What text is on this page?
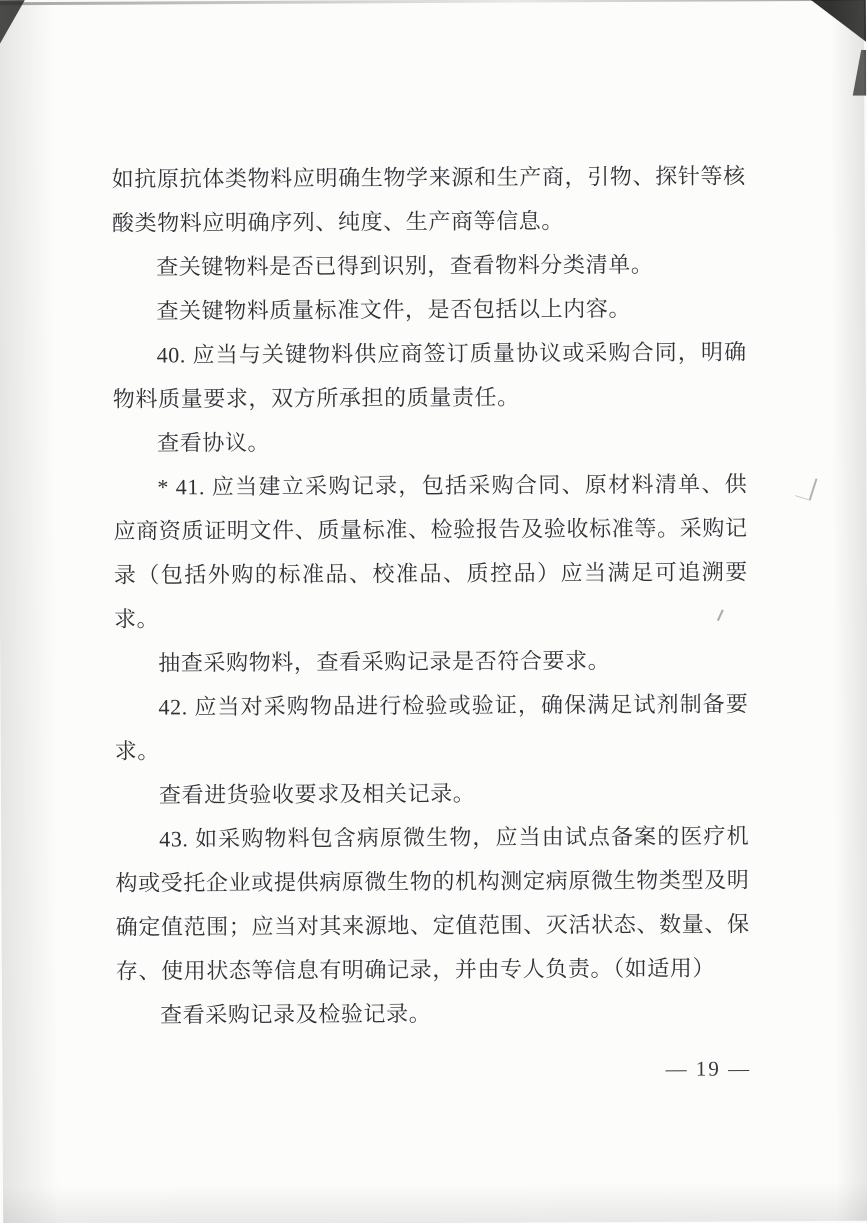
如抗原抗体类物料应明确生物学来源和生产商，引物、探针等核酸类物料应明确序列、纯度、生产商等信息。

查关键物料是否已得到识别，查看物料分类清单。

查关键物料质量标准文件，是否包括以上内容。

40. 应当与关键物料供应商签订质量协议或采购合同，明确物料质量要求，双方所承担的质量责任。

查看协议。

* 41. 应当建立采购记录，包括采购合同、原材料清单、供应商资质证明文件、质量标准、检验报告及验收标准等。采购记录（包括外购的标准品、校准品、质控品）应当满足可追溯要求。

抽查采购物料，查看采购记录是否符合要求。

42. 应当对采购物品进行检验或验证，确保满足试剂制备要求。

查看进货验收要求及相关记录。

43. 如采购物料包含病原微生物，应当由试点备案的医疗机构或受托企业或提供病原微生物的机构测定病原微生物类型及明确定值范围；应当对其来源地、定值范围、灭活状态、数量、保存、使用状态等信息有明确记录，并由专人负责。（如适用）

查看采购记录及检验记录。

— 19 —
